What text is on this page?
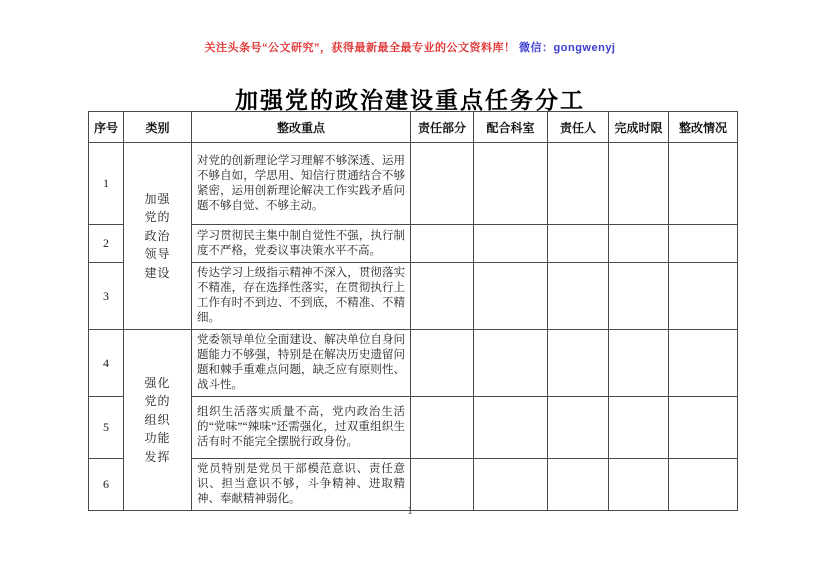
关注头条号“公文研究”，获得最新最全最专业的公文资料库！ 微信：gongwenyj
加强党的政治建设重点任务分工
序号	类别	整改重点	责任部分	配合科室	责任人	完成时限	整改情况
1	加强党的政治领导建设	对党的创新理论学习理解不够深透、运用不够自如，学思用、知信行贯通结合不够紧密，运用创新理论解决工作实践矛盾问题不够自觉、不够主动。					
2		学习贯彻民主集中制自觉性不强，执行制度不严格，党委议事决策水平不高。					
3		传达学习上级指示精神不深入，贯彻落实不精准，存在选择性落实，在贯彻执行上工作有时不到边、不到底，不精准、不精细。					
4	强化党的组织功能发挥	党委领导单位全面建设、解决单位自身问题能力不够强，特别是在解决历史遗留问题和棘手重难点问题，缺乏应有原则性、战斗性。					
5		组织生活落实质量不高，党内政治生活的“党味”“辣味”还需强化，过双重组织生活有时不能完全摆脱行政身份。					
6		党员特别是党员干部模范意识、责任意识、担当意识不够，斗争精神、进取精神、奉献精神弱化。					
1
